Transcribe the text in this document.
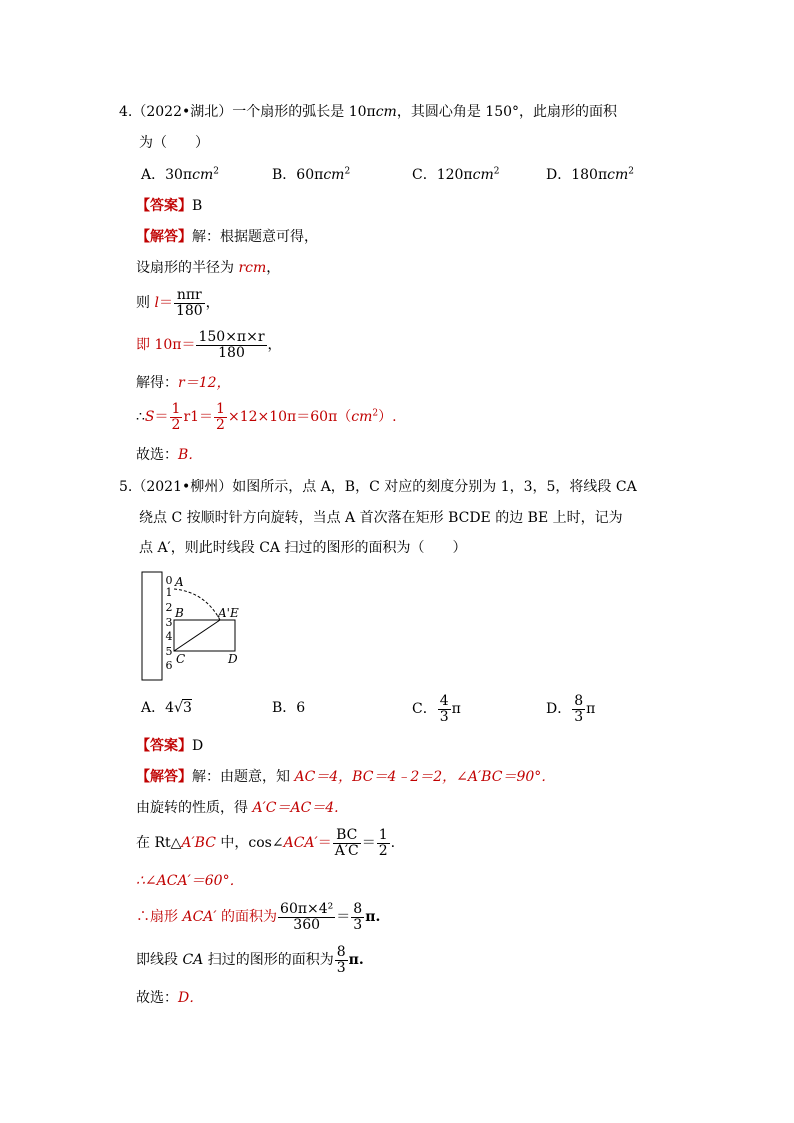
4.（2022•湖北）一个扇形的弧长是 10πcm，其圆心角是 150°，此扇形的面积
为（　　）
A．30πcm$^2$	B．60πcm$^2$	C．120πcm$^2$	D．180πcm$^2$
【答案】B
【解答】解：根据题意可得，
设扇形的半径为 rcm，
则 $l= \frac{\text{nπr}}{180}$ ，
即 $10\pi= \frac{150\times\pi\times r}{180}$ ，
解得：r＝12，
∴S＝ $\frac{1}{2} r1= \frac{1}{2} \times 12\times 10\pi=60\pi(cm^2)$.
故选：B．
5.（2021•柳州）如图所示，点 A，B，C 对应的刻度分别为 1，3，5，将线段 CA
绕点 C 按顺时针方向旋转，当点 A 首次落在矩形 BCDE 的边 BE 上时，记为
点 A′，则此时线段 CA 扫过的图形的面积为（　　）
0
1
2
3
4
5
6
A
B	A'E
C	D
A．4√3	B．6	C． $\frac{4}{3}$ π	D． $\frac{8}{3}$ π
【答案】D
【解答】解：由题意，知 AC＝4，BC＝4﹣2＝2，∠A′BC＝90°．
由旋转的性质，得 A′C＝AC＝4.
在 Rt△A′BC 中，cos∠ACA′＝ $\frac{BC}{A'C} = \frac{1}{2}$ .
∴∠ACA′＝60°．
∴扇形 ACA′ 的面积为 $\frac{\text{60π×4²}}{360} = \frac{8}{3} \pi$.
即线段 CA 扫过的图形的面积为 $\frac{8}{3} \pi$.
故选：D．
